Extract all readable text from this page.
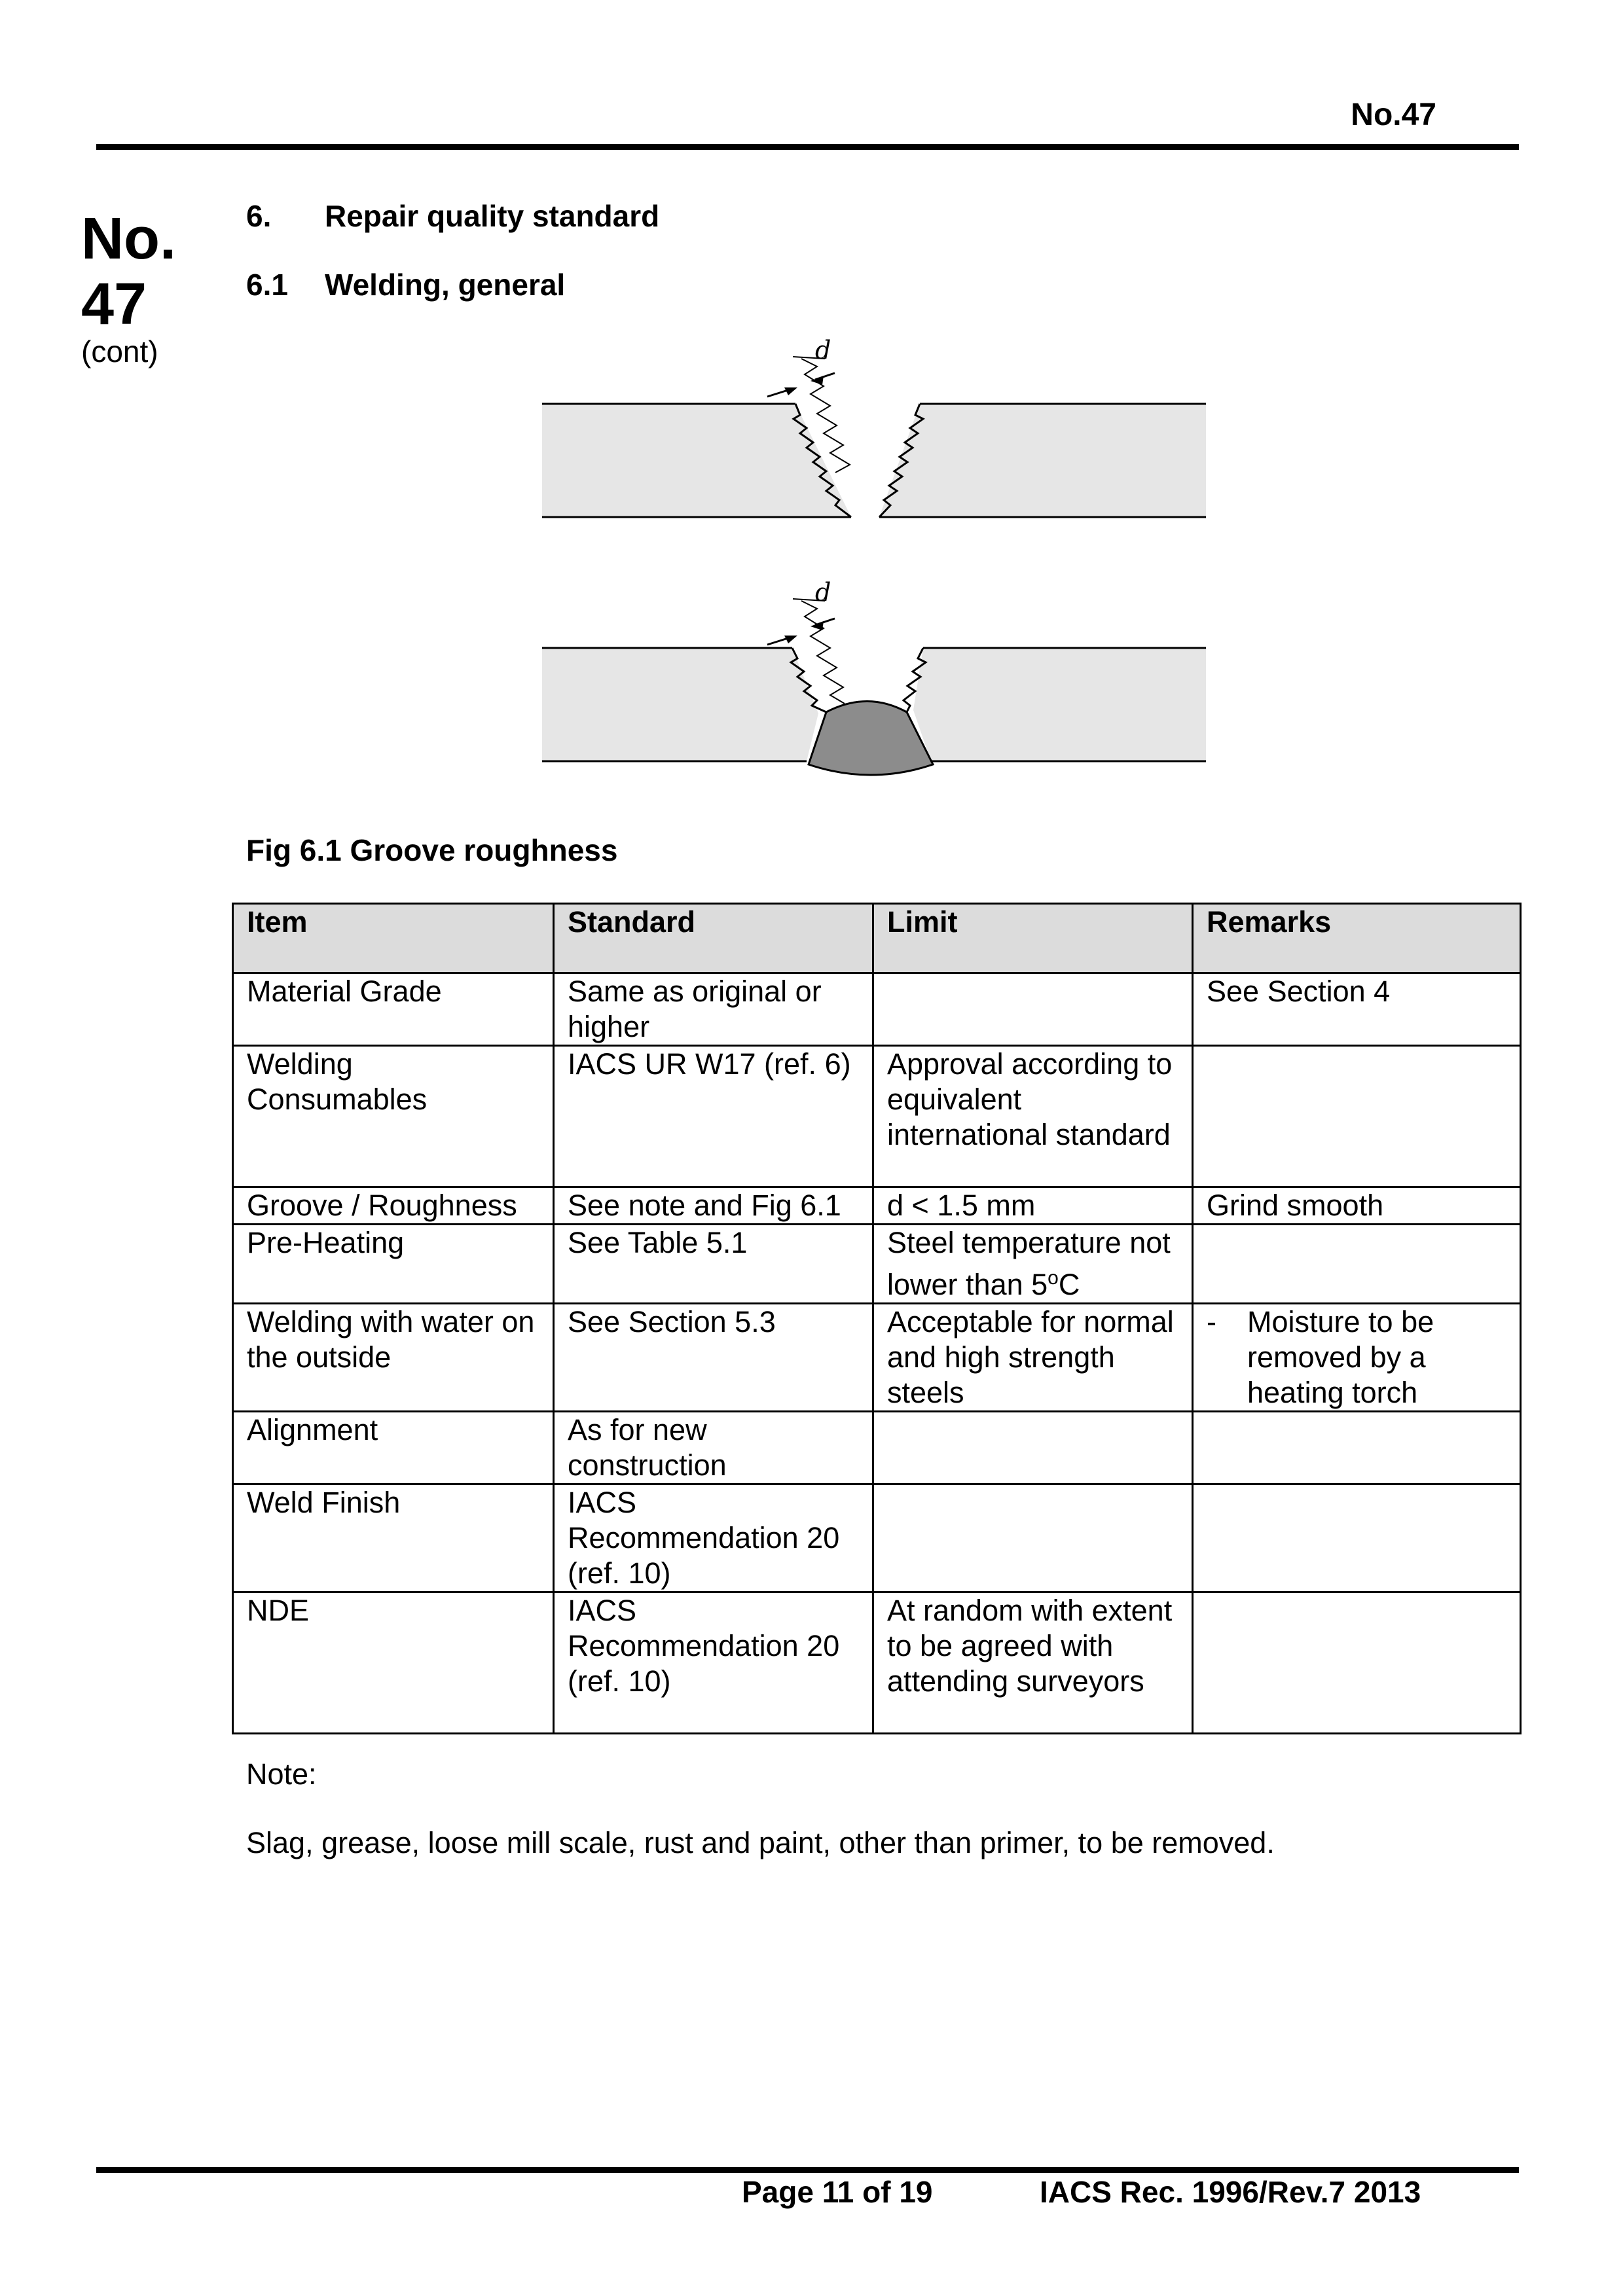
No.47
No.
47
(cont)
6. Repair quality standard
6.1 Welding, general
d
d
Fig 6.1 Groove roughness
Item	Standard	Limit	Remarks
Material Grade	Same as original or higher		See Section 4
Welding Consumables	IACS UR W17 (ref. 6)	Approval according to equivalent international standard	
Groove / Roughness	See note and Fig 6.1	d < 1.5 mm	Grind smooth
Pre-Heating	See Table 5.1	Steel temperature not lower than 5$^o$C	
Welding with water on the outside	See Section 5.3	Acceptable for normal and high strength steels	- Moisture to be removed by a heating torch

Alignment	As for new construction		
Weld Finish	IACS Recommendation 20 (ref. 10)		
NDE	IACS Recommendation 20 (ref. 10)	At random with extent to be agreed with attending surveyors	
Note:
Slag, grease, loose mill scale, rust and paint, other than primer, to be removed.
Page 11 of 19	IACS Rec. 1996/Rev.7 2013
